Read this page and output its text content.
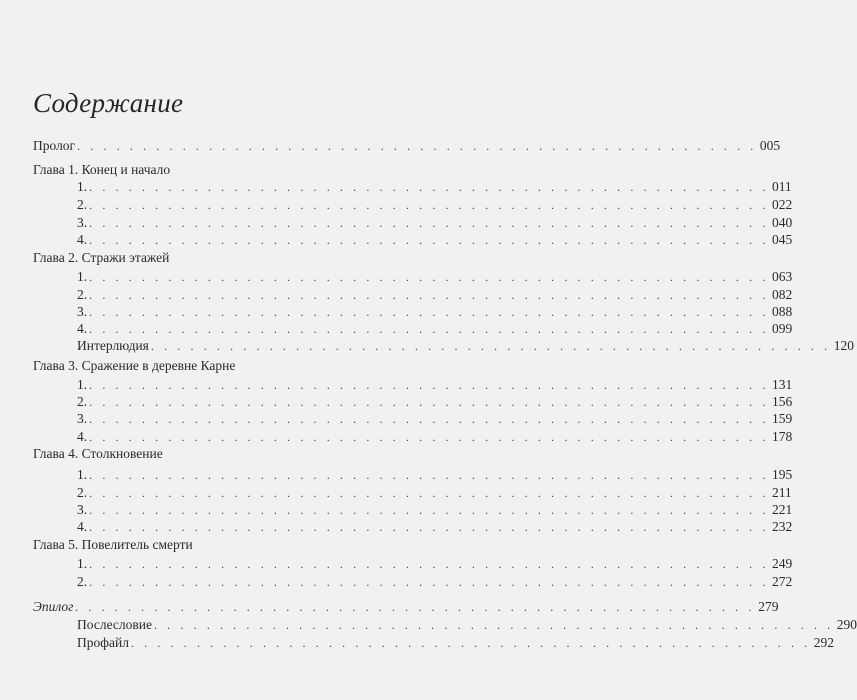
Содержание
Пролог . . . . . . . . . . . . . . . . . . . . . . . . . . . . . . . . . . . . . . . . . . . . . . . . . . . . 005
Глава 1. Конец и начало
1. . . . . . . . . . . . . . . . . . . . . . . . . . . . . . . . . . . . . . . . . . . . . . . . . . . . . 011
2. . . . . . . . . . . . . . . . . . . . . . . . . . . . . . . . . . . . . . . . . . . . . . . . . . . . . 022
3. . . . . . . . . . . . . . . . . . . . . . . . . . . . . . . . . . . . . . . . . . . . . . . . . . . . . 040
4. . . . . . . . . . . . . . . . . . . . . . . . . . . . . . . . . . . . . . . . . . . . . . . . . . . . . 045
Глава 2. Стражи этажей
1. . . . . . . . . . . . . . . . . . . . . . . . . . . . . . . . . . . . . . . . . . . . . . . . . . . . . 063
2. . . . . . . . . . . . . . . . . . . . . . . . . . . . . . . . . . . . . . . . . . . . . . . . . . . . . 082
3. . . . . . . . . . . . . . . . . . . . . . . . . . . . . . . . . . . . . . . . . . . . . . . . . . . . . 088
4. . . . . . . . . . . . . . . . . . . . . . . . . . . . . . . . . . . . . . . . . . . . . . . . . . . . . 099
Интерлюдия . . . . . . . . . . . . . . . . . . . . . . . . . . . . . . . . . . . . . . . . . . . . . . . . . . . . 120
Глава 3. Сражение в деревне Карне
1. . . . . . . . . . . . . . . . . . . . . . . . . . . . . . . . . . . . . . . . . . . . . . . . . . . . . 131
2. . . . . . . . . . . . . . . . . . . . . . . . . . . . . . . . . . . . . . . . . . . . . . . . . . . . . 156
3. . . . . . . . . . . . . . . . . . . . . . . . . . . . . . . . . . . . . . . . . . . . . . . . . . . . . 159
4. . . . . . . . . . . . . . . . . . . . . . . . . . . . . . . . . . . . . . . . . . . . . . . . . . . . . 178
Глава 4. Столкновение
1. . . . . . . . . . . . . . . . . . . . . . . . . . . . . . . . . . . . . . . . . . . . . . . . . . . . . 195
2. . . . . . . . . . . . . . . . . . . . . . . . . . . . . . . . . . . . . . . . . . . . . . . . . . . . . 211
3. . . . . . . . . . . . . . . . . . . . . . . . . . . . . . . . . . . . . . . . . . . . . . . . . . . . . 221
4. . . . . . . . . . . . . . . . . . . . . . . . . . . . . . . . . . . . . . . . . . . . . . . . . . . . . 232
Глава 5. Повелитель смерти
1. . . . . . . . . . . . . . . . . . . . . . . . . . . . . . . . . . . . . . . . . . . . . . . . . . . . . 249
2. . . . . . . . . . . . . . . . . . . . . . . . . . . . . . . . . . . . . . . . . . . . . . . . . . . . . 272
Эпилог . . . . . . . . . . . . . . . . . . . . . . . . . . . . . . . . . . . . . . . . . . . . . . . . . . . . 279
Послесловие . . . . . . . . . . . . . . . . . . . . . . . . . . . . . . . . . . . . . . . . . . . . . . . . . . . . 290
Профайл . . . . . . . . . . . . . . . . . . . . . . . . . . . . . . . . . . . . . . . . . . . . . . . . . . . . 292
